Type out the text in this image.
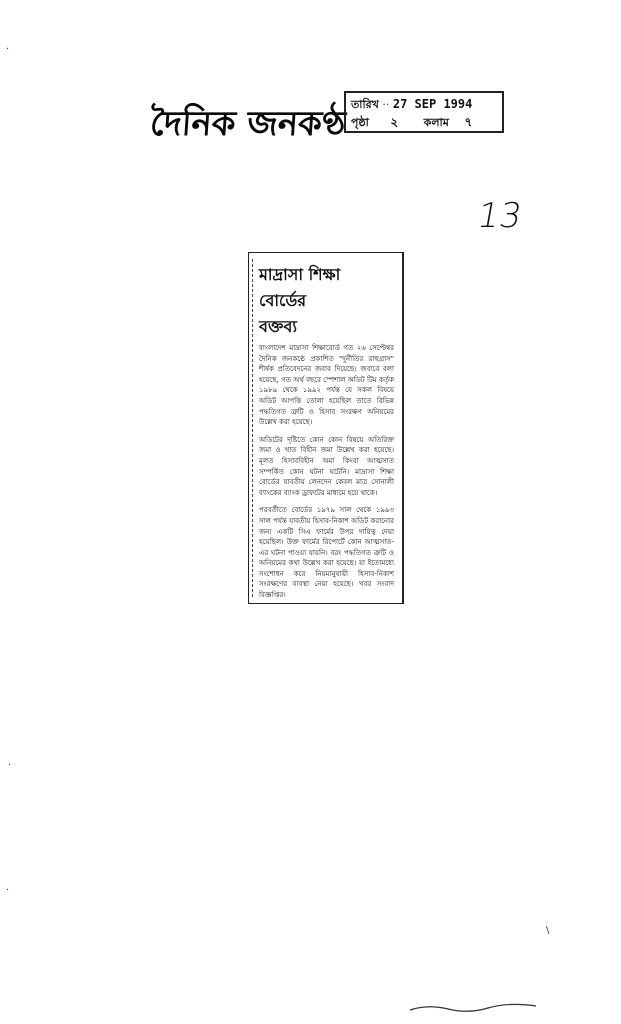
দৈনিক জনকণ্ঠ তারিখ ·· 27 SEP 1994
পৃষ্ঠা ২ কলাম ৭
13
মাদ্রাসা শিক্ষা
বোর্ডের
বক্তব্য

বাংলাদেশ মাদ্রাসা শিক্ষাবোর্ড গত ২৬ সেপ্টেম্বর দৈনিক জনকণ্ঠে প্রকাশিত "দুর্নীতির রাহুগ্রাস" শীর্ষক প্রতিবেদনের জবাব দিয়েছে। জবাবে বলা হয়েছে, গত অর্থ বছরে স্পেশাল অডিট টিম কর্তৃক ১৯৮৯ থেকে ১৯৯২ পর্যন্ত যে সকল বিষয়ে অডিট আপত্তি তোলা হয়েছিল তাতে বিভিন্ন পদ্ধতিগত ত্রুটি ও হিসাব সংরক্ষণ অনিয়মের উল্লেখ করা হয়েছে।

অডিটের দৃষ্টিতে কোন কোন বিষয়ে অতিরিক্ত জমা ও খাত বিহীন জমা উল্লেখ করা হয়েছে। মূলত হিসাববিহীন অমা কিংবা আত্মসাত সম্পর্কিত কোন ঘটনা ঘটেনি। মাদ্রাসা শিক্ষা বোর্ডের যাবতীয় লেনদেন কেবল মাত্র সোনালী ব্যাংকের ব্যাংক ড্রাফটের মাধ্যমে হয়ে থাকে।

পরবর্তীতে বোর্ডের ১৯৭৯ সাল থেকে ১৯৯৩ সাল পর্যন্ত যাবতীয় হিসাব-নিকাশ অডিট করানোর জন্য একটি সিএ ফার্মের উপর দায়িত্ব দেয়া হয়েছিল। উক্ত ফার্মের রিপোর্টে কোন আত্মসাত-এর ঘটনা পাওয়া যায়নি। বরং পদ্ধতিগত ত্রুটি ও অনিয়মের কথা উল্লেখ করা হয়েছে। যা ইতোমধ্যে সংশোধন করে নিয়মানুযায়ী হিসাব-নিকাশ সংরক্ষণের ব্যবস্থা নেয়া হয়েছে। খবর সংবাদ বিজ্ঞপ্তির।

·
·
·
\
